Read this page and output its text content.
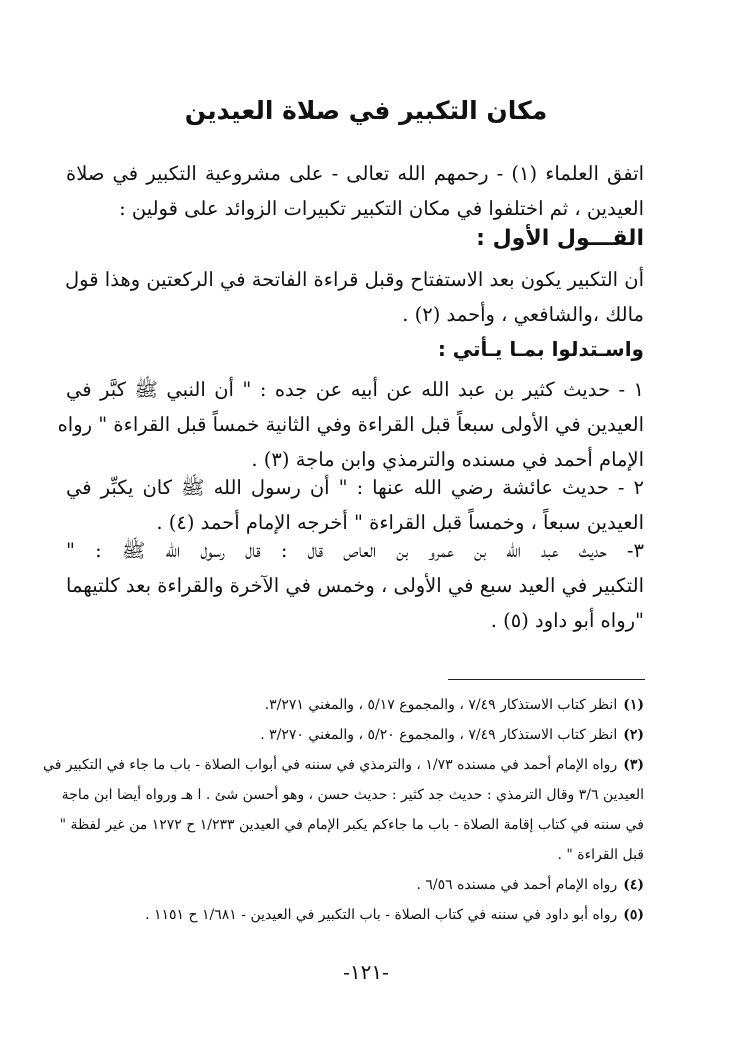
مكان التكبير في صلاة العيدين

اتفق العلماء (١) - رحمهم الله تعالى - على مشروعية التكبير في صلاة
العيدين ، ثم اختلفوا في مكان التكبير تكبيرات الزوائد على قولين :

القـــول الأول :

أن التكبير يكون بعد الاستفتاح وقبل قراءة الفاتحة في الركعتين وهذا قول
مالك ،والشافعي ، وأحمد (٢) .

واسـتدلوا بمـا يـأتي :

١ - حديث كثير بن عبد الله عن أبيه عن جده : " أن النبي ﷺ كبَّر في
العيدين في الأولى سبعاً قبل القراءة وفي الثانية خمساً قبل القراءة " رواه
الإمام أحمد في مسنده والترمذي وابن ماجة (٣) .

٢ - حديث عائشة رضي الله عنها : " أن رسول الله ﷺ كان يكبِّر في
العيدين سبعاً ، وخمساً قبل القراءة " أخرجه الإمام أحمد (٤) .

٣- حديث عبد الله بن عمرو بن العاص قال : قال رسول الله ﷺ : "
التكبير في العيد سبع في الأولى ، وخمس في الآخرة والقراءة بعد كلتيهما
"رواه أبو داود (٥) .

(١)انظر كتاب الاستذكار ٧/٤٩ ، والمجموع ٥/١٧ ، والمغني ٣/٢٧١.
(٢)انظر كتاب الاستذكار ٧/٤٩ ، والمجموع ٥/٢٠ ، والمغني ٣/٢٧٠ .
(٣)رواه الإمام أحمد في مسنده ١/٧٣ ، والترمذي في سننه في أبواب الصلاة - باب ما جاء في التكبير في
العيدين ٣/٦ وقال الترمذي : حديث جد كثير : حديث حسن ، وهو أحسن شئ . ا هـ ورواه أيضا ابن ماجة
في سننه في كتاب إقامة الصلاة - باب ما جاءكم يكبر الإمام في العيدين ١/٢٣٣ ح ١٢٧٢ من غير لفظة "
قبل القراءة " .
(٤)رواه الإمام أحمد في مسنده ٦/٥٦ .
(٥)رواه أبو داود في سننه في كتاب الصلاة - باب التكبير في العيدين - ١/٦٨١ ح ١١٥١ .

-١٢١-
